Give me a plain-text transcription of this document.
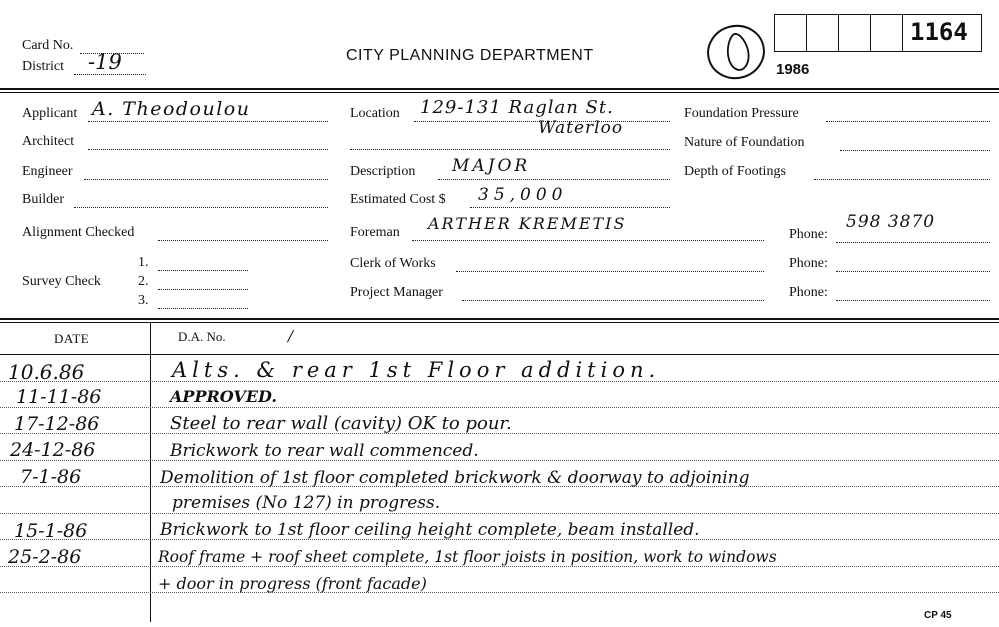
Card No.
District -19	CITY PLANNING DEPARTMENT
1164
1986
Applicant A. Theodoulou
Architect
Engineer
Builder
Alignment Checked
Survey Check
1.
2.
3.
Location 129-131 Raglan St.
Waterloo
Description MAJOR
Estimated Cost $ 35,000
Foreman ARTHER KREMETIS
Clerk of Works
Project Manager
Foundation Pressure
Nature of Foundation
Depth of Footings
Phone:
598 3870
Phone:
Phone:
DATE	D.A. No.	/
10.6.86	Alts. & rear 1st Floor addition.
11-11-86	APPROVED.
17-12-86	Steel to rear wall (cavity) OK to pour.
24-12-86	Brickwork to rear wall commenced.
7-1-86	Demolition of 1st floor completed brickwork & doorway to adjoining
premises (No 127) in progress.
15-1-86	Brickwork to 1st floor ceiling height complete, beam installed.
25-2-86	Roof frame + roof sheet complete, 1st floor joists in position, work to windows
+ door in progress (front facade)
CP 45
